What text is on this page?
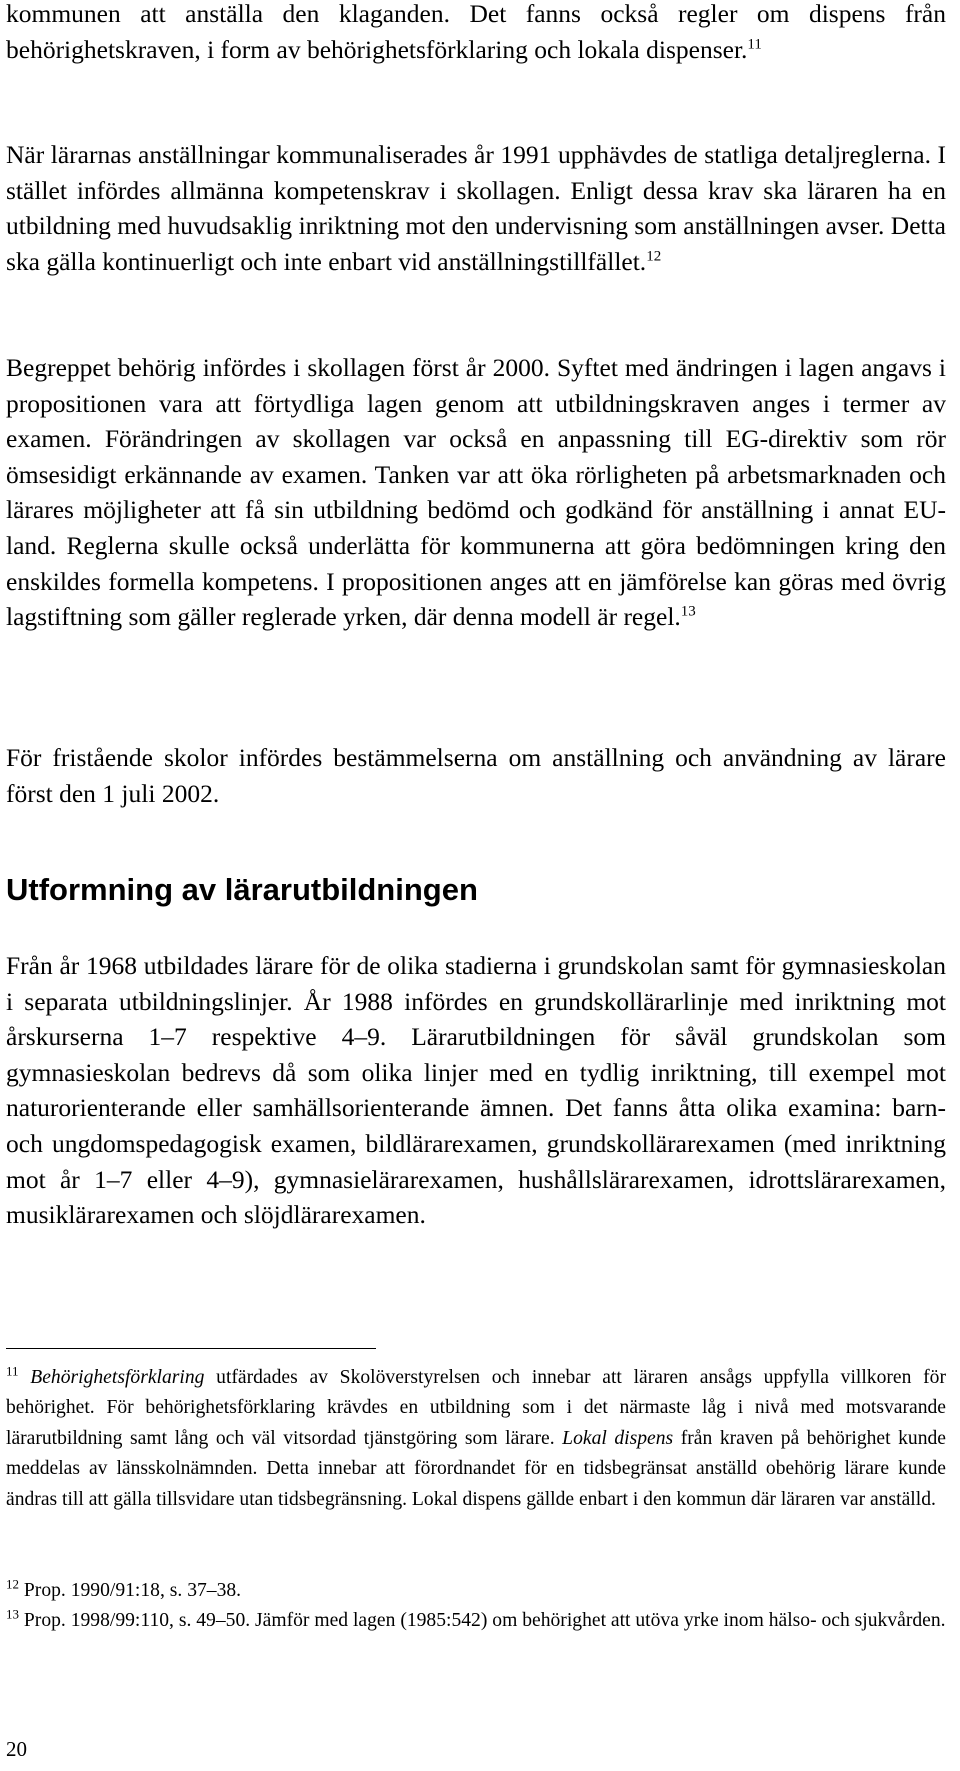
kommunen att anställa den klaganden. Det fanns också regler om dispens från behörighetskraven, i form av behörighetsförklaring och lokala dispenser.$^{11}$

När lärarnas anställningar kommunaliserades år 1991 upphävdes de statliga detaljreglerna. I stället infördes allmänna kompetenskrav i skollagen. Enligt dessa krav ska läraren ha en utbildning med huvudsaklig inriktning mot den undervisning som anställningen avser. Detta ska gälla kontinuerligt och inte enbart vid anställningstillfället.$^{12}$

Begreppet behörig infördes i skollagen först år 2000. Syftet med ändringen i lagen angavs i propositionen vara att förtydliga lagen genom att utbildningskraven anges i termer av examen. Förändringen av skollagen var också en anpassning till EG-direktiv som rör ömsesidigt erkännande av examen. Tanken var att öka rörligheten på arbetsmarknaden och lärares möjligheter att få sin utbildning bedömd och godkänd för anställning i annat EU-land. Reglerna skulle också underlätta för kommunerna att göra bedömningen kring den enskildes formella kompetens. I propositionen anges att en jämförelse kan göras med övrig lagstiftning som gäller reglerade yrken, där denna modell är regel.$^{13}$

För fristående skolor infördes bestämmelserna om anställning och användning av lärare först den 1 juli 2002.

Utformning av lärarutbildningen

Från år 1968 utbildades lärare för de olika stadierna i grundskolan samt för gymnasieskolan i separata utbildningslinjer. År 1988 infördes en grundskollärarlinje med inriktning mot årskurserna 1–7 respektive 4–9. Lärarutbildningen för såväl grundskolan som gymnasieskolan bedrevs då som olika linjer med en tydlig inriktning, till exempel mot naturorienterande eller samhällsorienterande ämnen. Det fanns åtta olika examina: barn- och ungdomspedagogisk examen, bildlärarexamen, grundskollärarexamen (med inriktning mot år 1–7 eller 4–9), gymnasielärarexamen, hushållslärarexamen, idrottslärarexamen, musiklärarexamen och slöjdlärarexamen.

$^{11}$ Behörighetsförklaring utfärdades av Skolöverstyrelsen och innebar att läraren ansågs uppfylla villkoren för behörighet. För behörighetsförklaring krävdes en utbildning som i det närmaste låg i nivå med motsvarande lärarutbildning samt lång och väl vitsordad tjänstgöring som lärare. Lokal dispens från kraven på behörighet kunde meddelas av länsskolnämnden. Detta innebar att förordnandet för en tidsbegränsat anställd obehörig lärare kunde ändras till att gälla tillsvidare utan tidsbegränsning. Lokal dispens gällde enbart i den kommun där läraren var anställd.

$^{12}$ Prop. 1990/91:18, s. 37–38.

$^{13}$ Prop. 1998/99:110, s. 49–50. Jämför med lagen (1985:542) om behörighet att utöva yrke inom hälso- och sjukvården.

20
